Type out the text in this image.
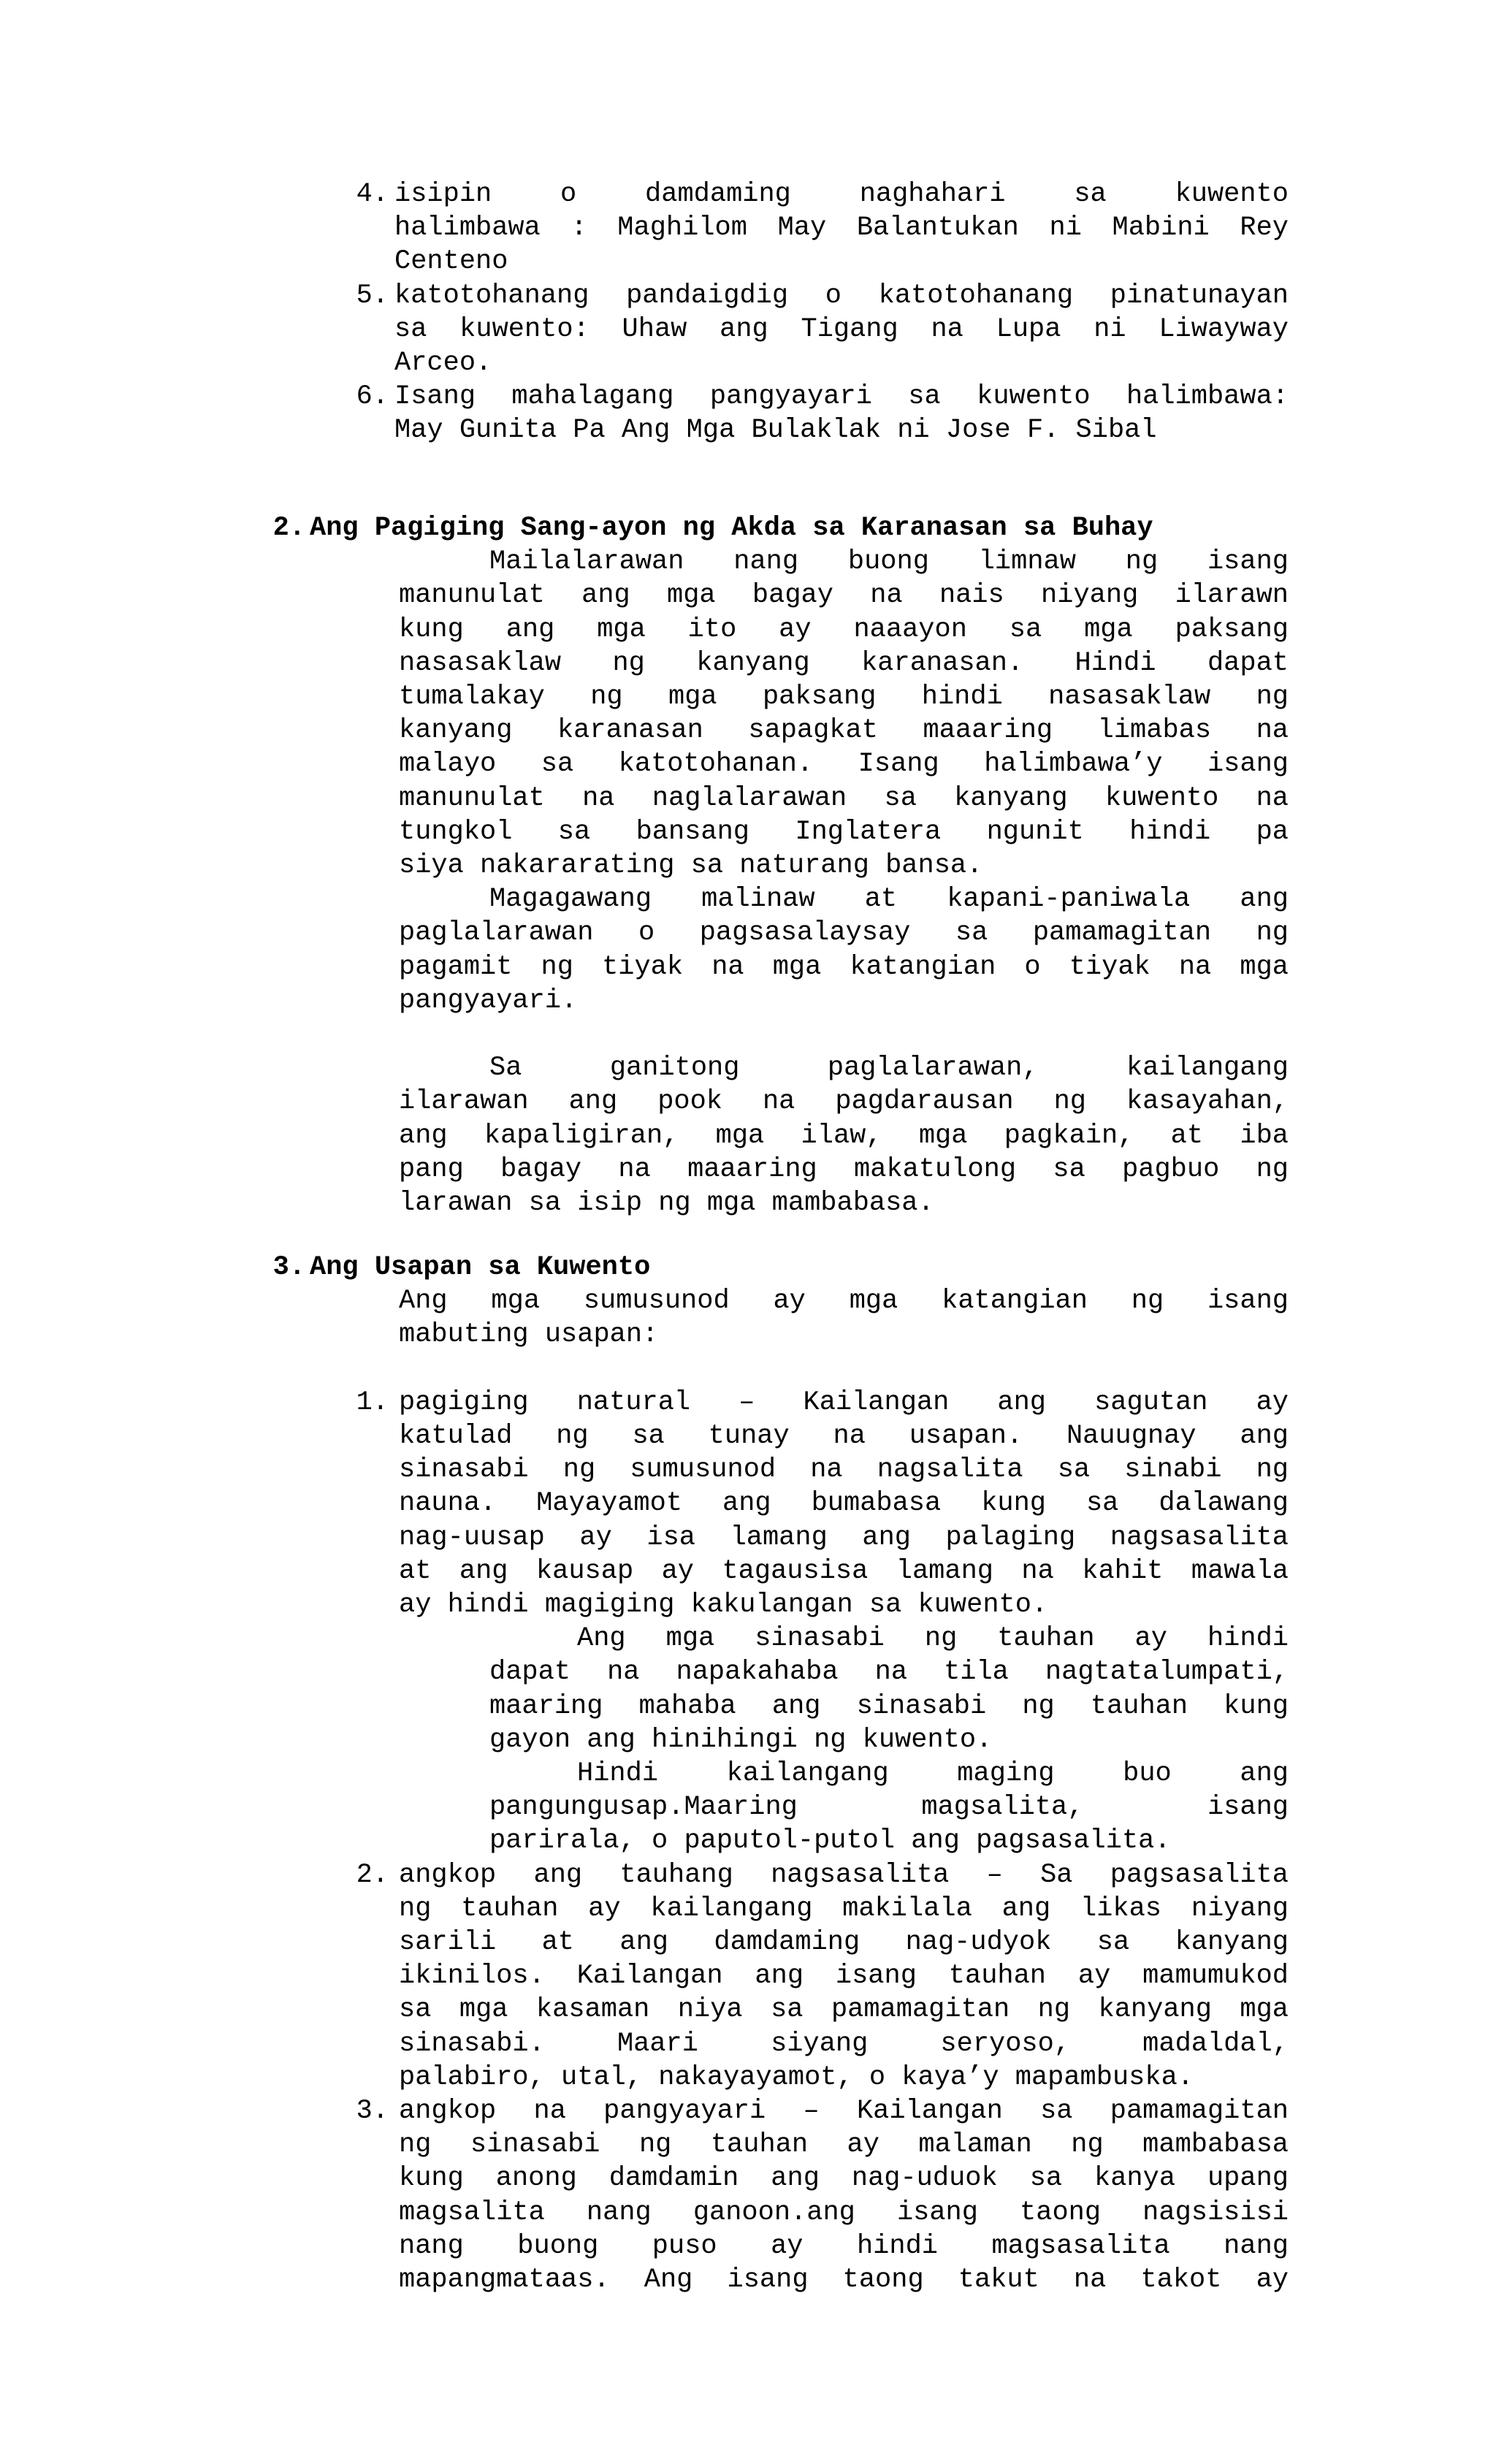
4. isipin o damdaming naghahari sa kuwento
halimbawa : Maghilom May Balantukan ni Mabini Rey
Centeno
5. katotohanang pandaigdig o katotohanang pinatunayan
sa kuwento: Uhaw ang Tigang na Lupa ni Liwayway
Arceo.
6. Isang mahalagang pangyayari sa kuwento halimbawa:
May Gunita Pa Ang Mga Bulaklak ni Jose F. Sibal
2. Ang Pagiging Sang-ayon ng Akda sa Karanasan sa Buhay
Mailalarawan nang buong limnaw ng isang
manunulat ang mga bagay na nais niyang ilarawn
kung ang mga ito ay naaayon sa mga paksang
nasasaklaw ng kanyang karanasan. Hindi dapat
tumalakay ng mga paksang hindi nasasaklaw ng
kanyang karanasan sapagkat maaaring limabas na
malayo sa katotohanan. Isang halimbawa’y isang
manunulat na naglalarawan sa kanyang kuwento na
tungkol sa bansang Inglatera ngunit hindi pa
siya nakararating sa naturang bansa.
Magagawang malinaw at kapani-paniwala ang
paglalarawan o pagsasalaysay sa pamamagitan ng
pagamit ng tiyak na mga katangian o tiyak na mga
pangyayari.
Sa ganitong paglalarawan, kailangang
ilarawan ang pook na pagdarausan ng kasayahan,
ang kapaligiran, mga ilaw, mga pagkain, at iba
pang bagay na maaaring makatulong sa pagbuo ng
larawan sa isip ng mga mambabasa.
3. Ang Usapan sa Kuwento
Ang mga sumusunod ay mga katangian ng isang
mabuting usapan:
1. pagiging natural – Kailangan ang sagutan ay
katulad ng sa tunay na usapan. Nauugnay ang
sinasabi ng sumusunod na nagsalita sa sinabi ng
nauna. Mayayamot ang bumabasa kung sa dalawang
nag-uusap ay isa lamang ang palaging nagsasalita
at ang kausap ay tagausisa lamang na kahit mawala
ay hindi magiging kakulangan sa kuwento.
Ang mga sinasabi ng tauhan ay hindi
dapat na napakahaba na tila nagtatalumpati,
maaring mahaba ang sinasabi ng tauhan kung
gayon ang hinihingi ng kuwento.
Hindi kailangang maging buo ang
pangungusap.Maaring magsalita, isang
parirala, o paputol-putol ang pagsasalita.
2. angkop ang tauhang nagsasalita – Sa pagsasalita
ng tauhan ay kailangang makilala ang likas niyang
sarili at ang damdaming nag-udyok sa kanyang
ikinilos. Kailangan ang isang tauhan ay mamumukod
sa mga kasaman niya sa pamamagitan ng kanyang mga
sinasabi. Maari siyang seryoso, madaldal,
palabiro, utal, nakayayamot, o kaya’y mapambuska.
3. angkop na pangyayari – Kailangan sa pamamagitan
ng sinasabi ng tauhan ay malaman ng mambabasa
kung anong damdamin ang nag-uduok sa kanya upang
magsalita nang ganoon.ang isang taong nagsisisi
nang buong puso ay hindi magsasalita nang
mapangmataas. Ang isang taong takut na takot ay
